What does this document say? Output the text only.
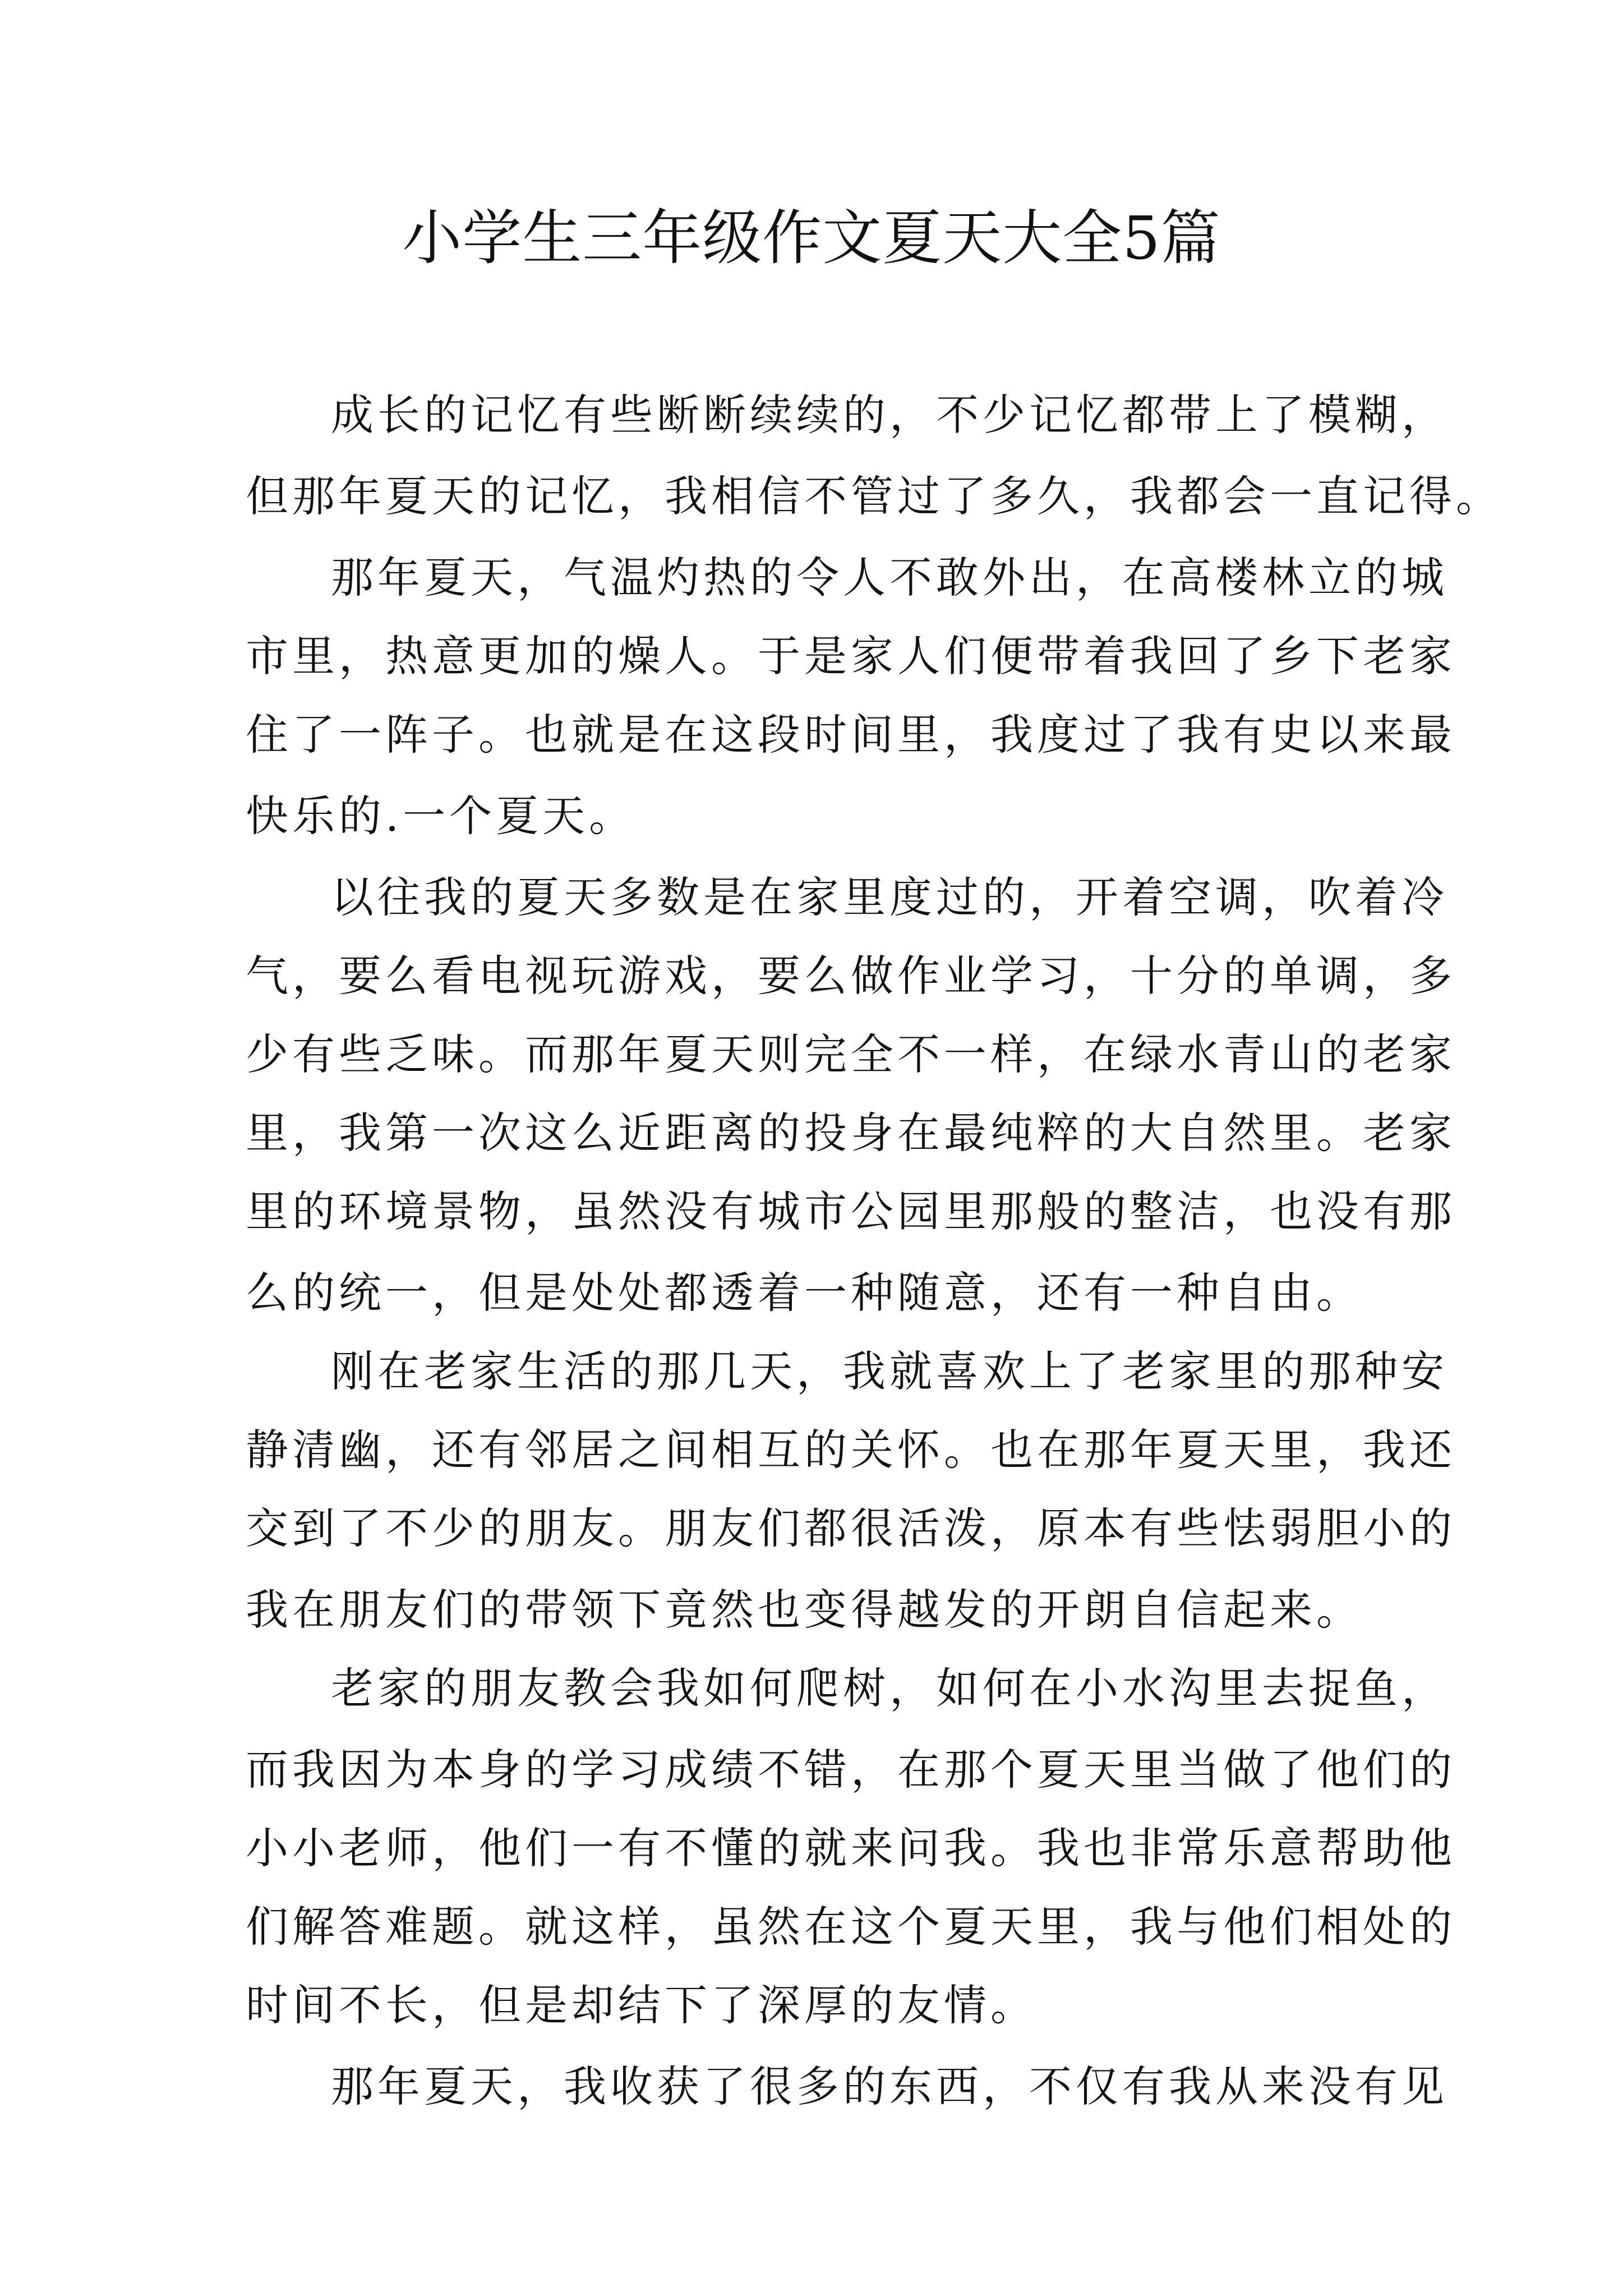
小学生三年级作文夏天大全5篇
成长的记忆有些断断续续的，不少记忆都带上了模糊，
但那年夏天的记忆，我相信不管过了多久，我都会一直记得。
那年夏天，气温灼热的令人不敢外出，在高楼林立的城
市里，热意更加的燥人。于是家人们便带着我回了乡下老家
住了一阵子。也就是在这段时间里，我度过了我有史以来最
快乐的.一个夏天。
以往我的夏天多数是在家里度过的，开着空调，吹着冷
气，要么看电视玩游戏，要么做作业学习，十分的单调，多
少有些乏味。而那年夏天则完全不一样，在绿水青山的老家
里，我第一次这么近距离的投身在最纯粹的大自然里。老家
里的环境景物，虽然没有城市公园里那般的整洁，也没有那
么的统一，但是处处都透着一种随意，还有一种自由。
刚在老家生活的那几天，我就喜欢上了老家里的那种安
静清幽，还有邻居之间相互的关怀。也在那年夏天里，我还
交到了不少的朋友。朋友们都很活泼，原本有些怯弱胆小的
我在朋友们的带领下竟然也变得越发的开朗自信起来。
老家的朋友教会我如何爬树，如何在小水沟里去捉鱼，
而我因为本身的学习成绩不错，在那个夏天里当做了他们的
小小老师，他们一有不懂的就来问我。我也非常乐意帮助他
们解答难题。就这样，虽然在这个夏天里，我与他们相处的
时间不长，但是却结下了深厚的友情。
那年夏天，我收获了很多的东西，不仅有我从来没有见
